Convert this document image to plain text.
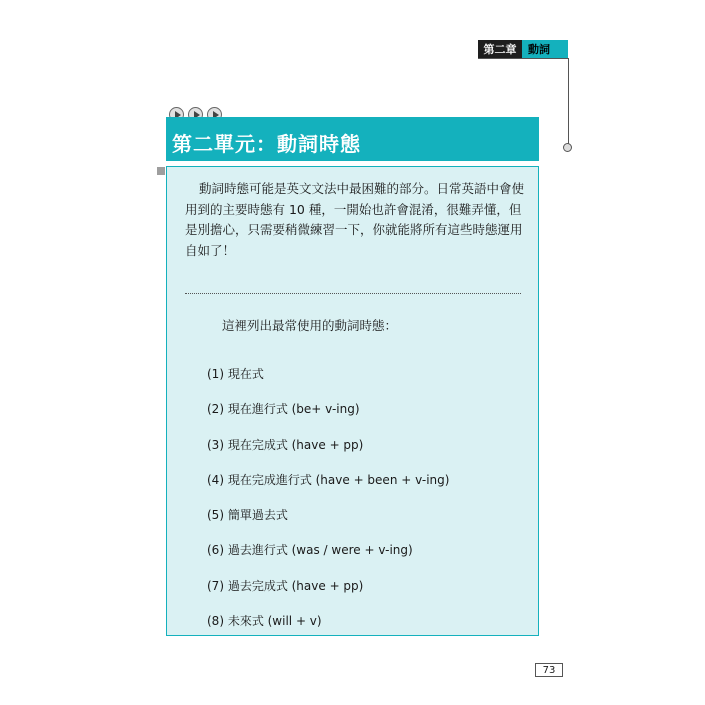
第二章	動詞
第二單元：動詞時態

動詞時態可能是英文文法中最困難的部分。日常英語中會使用到的主要時態有 10 種，一開始也許會混淆，很難弄懂，但是別擔心，只需要稍微練習一下，你就能將所有這些時態運用自如了！

這裡列出最常使用的動詞時態：

(1) 現在式
(2) 現在進行式 (be+ v-ing)
(3) 現在完成式 (have + pp)
(4) 現在完成進行式 (have + been + v-ing)
(5) 簡單過去式
(6) 過去進行式 (was / were + v-ing)
(7) 過去完成式 (have + pp)
(8) 未來式 (will + v)
73
